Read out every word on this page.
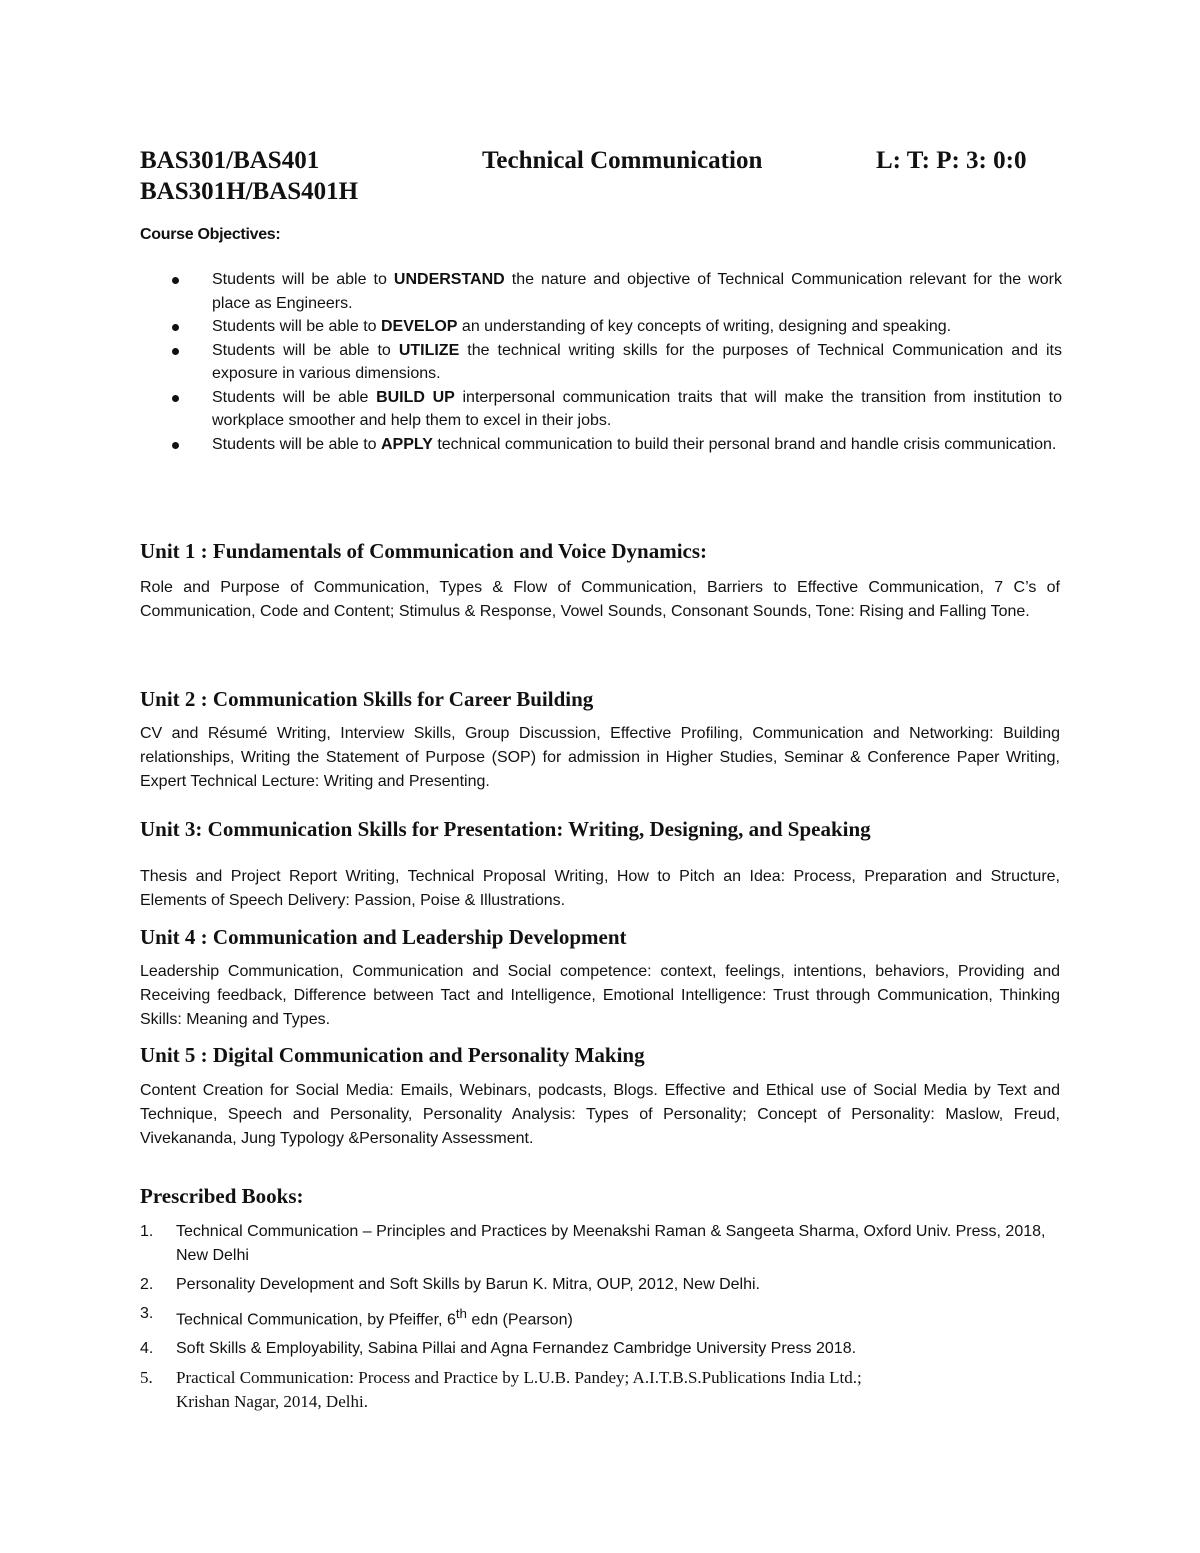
BAS301/BAS401
BAS301H/BAS401H
Technical Communication	L: T: P: 3: 0:0
Course Objectives:
Students will be able to UNDERSTAND the nature and objective of Technical Communication relevant for the work place as Engineers.
Students will be able to DEVELOP an understanding of key concepts of writing, designing and speaking.
Students will be able to UTILIZE the technical writing skills for the purposes of Technical Communication and its exposure in various dimensions.
Students will be able BUILD UP interpersonal communication traits that will make the transition from institution to workplace smoother and help them to excel in their jobs.
Students will be able to APPLY technical communication to build their personal brand and handle crisis communication.
Unit 1 : Fundamentals of Communication and Voice Dynamics:

Role and Purpose of Communication, Types & Flow of Communication, Barriers to Effective Communication, 7 C’s of Communication, Code and Content; Stimulus & Response, Vowel Sounds, Consonant Sounds, Tone: Rising and Falling Tone.

Unit 2 : Communication Skills for Career Building

CV and Résumé Writing, Interview Skills, Group Discussion, Effective Profiling, Communication and Networking: Building relationships, Writing the Statement of Purpose (SOP) for admission in Higher Studies, Seminar & Conference Paper Writing, Expert Technical Lecture: Writing and Presenting.

Unit 3: Communication Skills for Presentation: Writing, Designing, and Speaking

Thesis and Project Report Writing, Technical Proposal Writing, How to Pitch an Idea: Process, Preparation and Structure, Elements of Speech Delivery: Passion, Poise & Illustrations.

Unit 4 : Communication and Leadership Development

Leadership Communication, Communication and Social competence: context, feelings, intentions, behaviors, Providing and Receiving feedback, Difference between Tact and Intelligence, Emotional Intelligence: Trust through Communication, Thinking Skills: Meaning and Types.

Unit 5 : Digital Communication and Personality Making

Content Creation for Social Media: Emails, Webinars, podcasts, Blogs. Effective and Ethical use of Social Media by Text and Technique, Speech and Personality, Personality Analysis: Types of Personality; Concept of Personality: Maslow, Freud, Vivekananda, Jung Typology &Personality Assessment.

Prescribed Books:
1. Technical Communication – Principles and Practices by Meenakshi Raman & Sangeeta Sharma, Oxford Univ. Press, 2018, New Delhi
2. Personality Development and Soft Skills by Barun K. Mitra, OUP, 2012, New Delhi.
3. Technical Communication, by Pfeiffer, 6th edn (Pearson)
4. Soft Skills & Employability, Sabina Pillai and Agna Fernandez Cambridge University Press 2018.
5. Practical Communication: Process and Practice by L.U.B. Pandey; A.I.T.B.S.Publications India Ltd.;
Krishan Nagar, 2014, Delhi.
